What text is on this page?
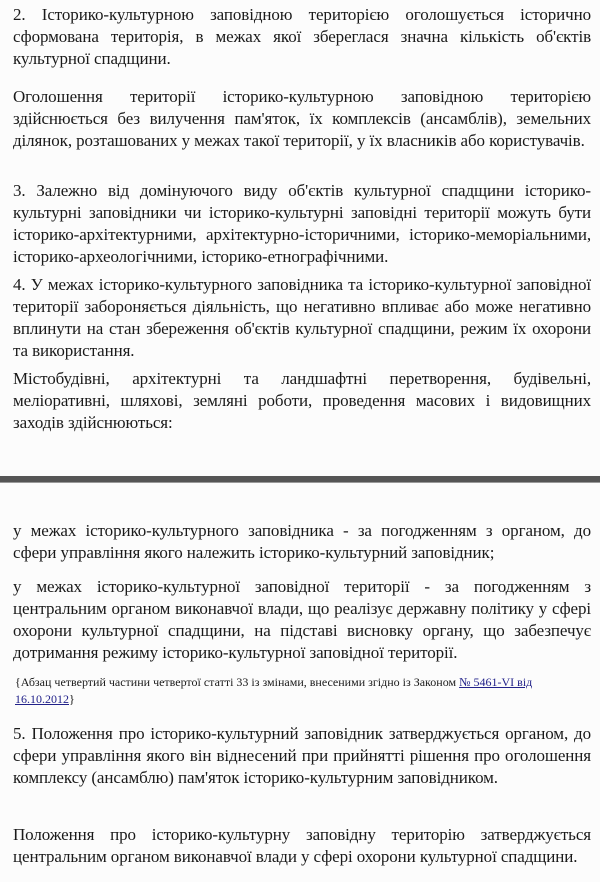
2. Історико-культурною заповідною територією оголошується історично сформована територія, в межах якої збереглася значна кількість об'єктів культурної спадщини.

Оголошення території історико-культурною заповідною територією здійснюється без вилучення пам'яток, їх комплексів (ансамблів), земельних ділянок, розташованих у межах такої території, у їх власників або користувачів.

3. Залежно від домінуючого виду об'єктів культурної спадщини історико-культурні заповідники чи історико-культурні заповідні території можуть бути історико-архітектурними, архітектурно-історичними, історико-меморіальними, історико-археологічними, історико-етнографічними.

4. У межах історико-культурного заповідника та історико-культурної заповідної території забороняється діяльність, що негативно впливає або може негативно вплинути на стан збереження об'єктів культурної спадщини, режим їх охорони та використання.

Містобудівні, архітектурні та ландшафтні перетворення, будівельні, меліоративні, шляхові, земляні роботи, проведення масових і видовищних заходів здійснюються:

у межах історико-культурного заповідника - за погодженням з органом, до сфери управління якого належить історико-культурний заповідник;

у межах історико-культурної заповідної території - за погодженням з центральним органом виконавчої влади, що реалізує державну політику у сфері охорони культурної спадщини, на підставі висновку органу, що забезпечує дотримання режиму історико-культурної заповідної території.

{Абзац четвертий частини четвертої статті 33 із змінами, внесеними згідно із Законом № 5461-VI від 16.10.2012}

5. Положення про історико-культурний заповідник затверджується органом, до сфери управління якого він віднесений при прийнятті рішення про оголошення комплексу (ансамблю) пам'яток історико-культурним заповідником.

Положення про історико-культурну заповідну територію затверджується центральним органом виконавчої влади у сфері охорони культурної спадщини.
